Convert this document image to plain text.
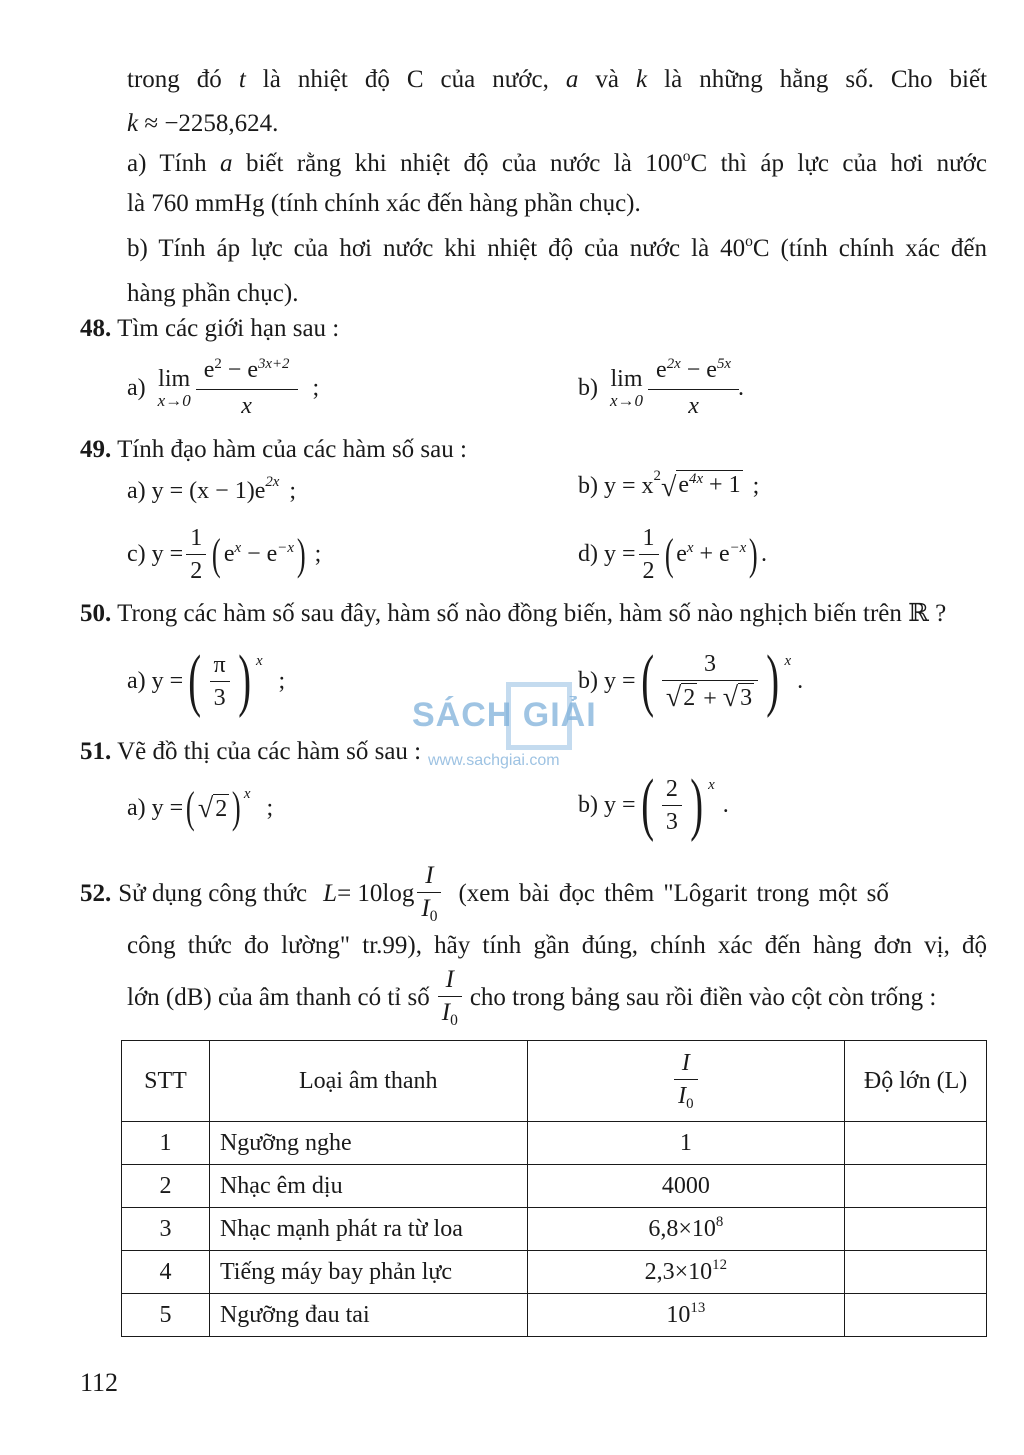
trong đó t là nhiệt độ C của nước, a và k là những hằng số. Cho biết
k ≈ −2258,624.
a) Tính a biết rằng khi nhiệt độ của nước là 100$^o$C thì áp lực của hơi nước
là 760 mmHg (tính chính xác đến hàng phần chục).
b) Tính áp lực của hơi nước khi nhiệt độ của nước là 40$^o$C (tính chính xác đến
hàng phần chục).
48. Tìm các giới hạn sau :
a) lim
$x\to 0 \frac{e^2 - e^{3x+2}}{x}$ ;	b) lim
$x\to 0 \frac{e^{2x} - e^{5x}}{x}$ .
49. Tính đạo hàm của các hàm số sau :
a) $y = (x - 1)e^{2x}$ ;	b) $y = x^2$ √ $e^{4x} + 1$ ;
c) $y = \frac{1}{2}$ ( $e^x - e^{-x}$ ) ;	d) $y = \frac{1}{2}$ ( $e^x + e^{-x}$ ) .
50. Trong các hàm số sau đây, hàm số nào đồng biến, hàm số nào nghịch biến trên ℝ ?
a) y = ( $\frac{\pi}{3}$ ) $^x$
;	b) y = ( $\frac{3}{√ 2 + √ 3}$ ) $^x$
.
SÁCH GIẢI
www.sachgiai.com
51. Vẽ đồ thị của các hàm số sau :
a) y = ( √ 2 )$^x$
;	b) y = ( $\frac{2}{3}$ ) $^x$
.
52. Sử dụng công thức $L = 10\log \frac{I}{I_0} (xem$ bài đọc thêm "Lôgarit trong một số
công thức đo lường" tr.99), hãy tính gần đúng, chính xác đến hàng đơn vị, độ
lớn (dB) của âm thanh có tỉ số $\frac{I}{I_0}$ cho trong bảng sau rồi điền vào cột còn trống :
STT	Loại âm thanh	$\frac{I}{I_0}$	Độ lớn (L)
1	Ngưỡng nghe	1	
2	Nhạc êm dịu	4000	
3	Nhạc mạnh phát ra từ loa	$6,8\times 10^8$	
4	Tiếng máy bay phản lực	$2,3\times 10^{12}$	
5	Ngưỡng đau tai	$10^{13}$	
112
